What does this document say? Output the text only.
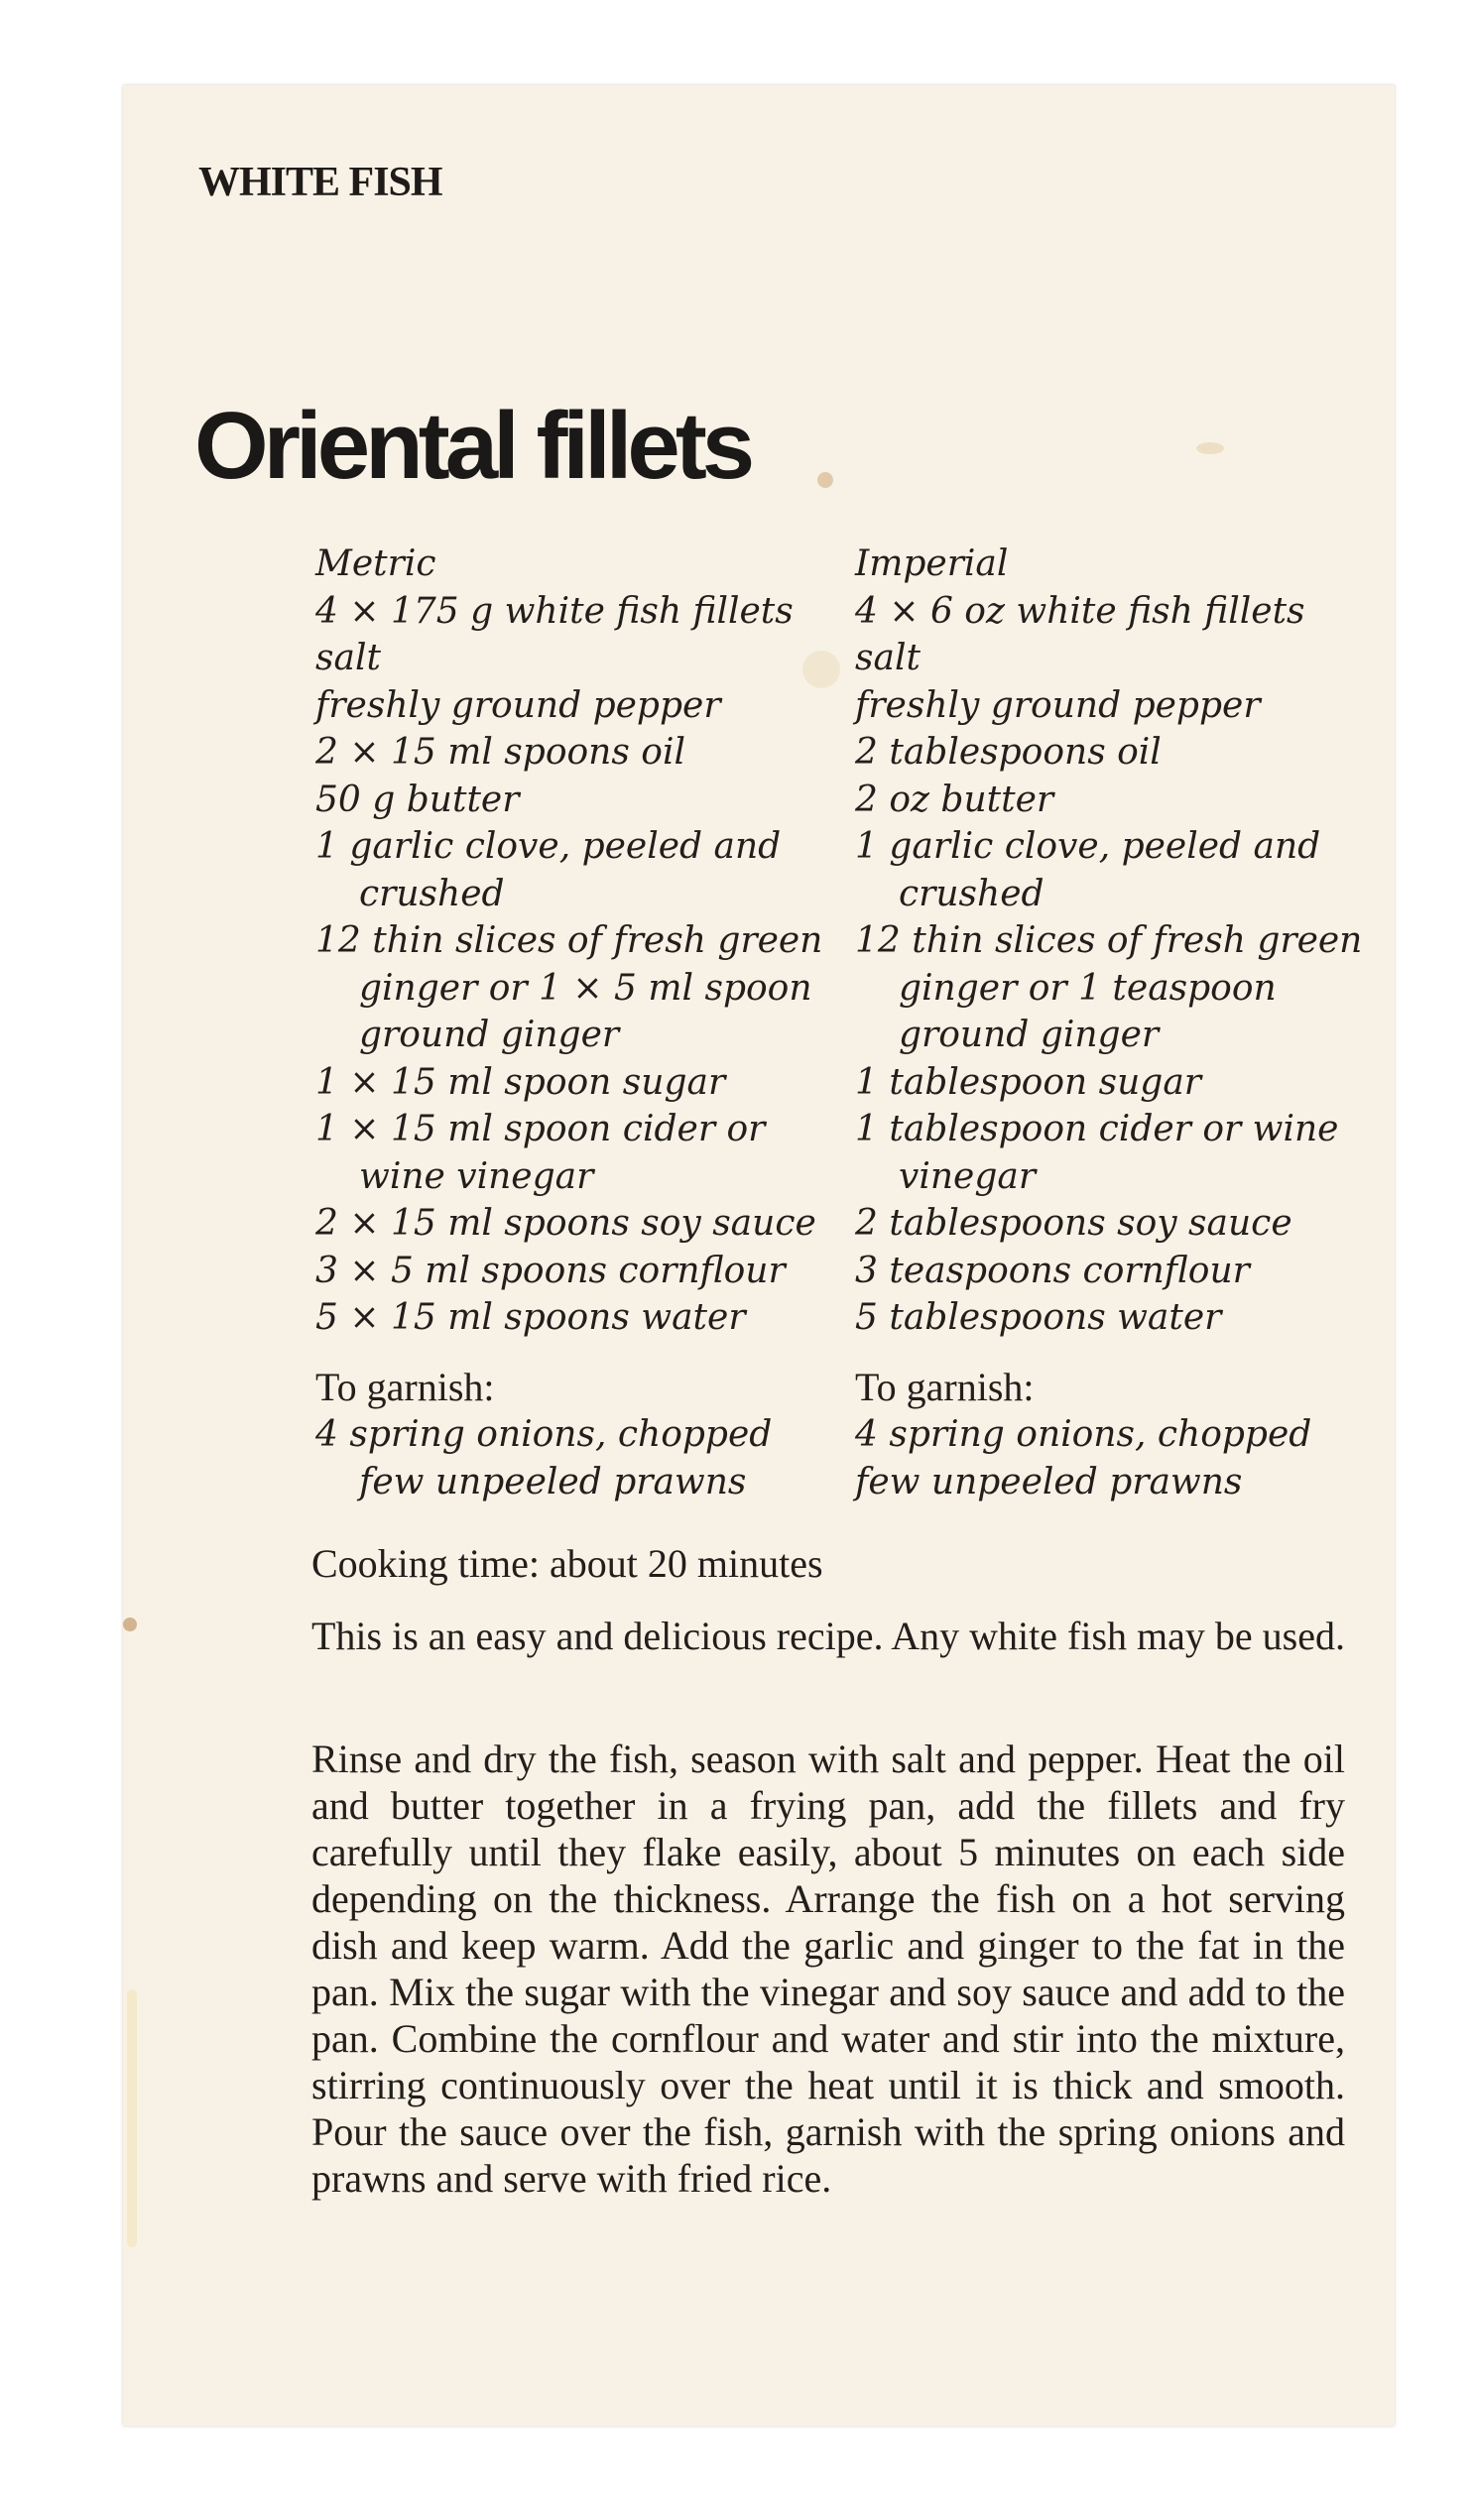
WHITE FISH
Oriental fillets

Metric

4 × 175 g white fish fillets

salt

freshly ground pepper

2 × 15 ml spoons oil

50 g butter

1 garlic clove, peeled and crushed

12 thin slices of fresh green ginger or 1 × 5 ml spoon ground ginger

1 × 15 ml spoon sugar

1 × 15 ml spoon cider or wine vinegar

2 × 15 ml spoons soy sauce

3 × 5 ml spoons cornflour

5 × 15 ml spoons water

To garnish:
4 spring onions, chopped
few unpeeled prawns

Imperial

4 × 6 oz white fish fillets

salt

freshly ground pepper

2 tablespoons oil

2 oz butter

1 garlic clove, peeled and crushed

12 thin slices of fresh green ginger or 1 teaspoon ground ginger

1 tablespoon sugar

1 tablespoon cider or wine vinegar

2 tablespoons soy sauce

3 teaspoons cornflour

5 tablespoons water

To garnish:
4 spring onions, chopped
few unpeeled prawns

Cooking time: about 20 minutes

This is an easy and delicious recipe. Any white fish may be used.

Rinse and dry the fish, season with salt and pepper. Heat the oil and butter together in a frying pan, add the fillets and fry carefully until they flake easily, about 5 minutes on each side depending on the thickness. Arrange the fish on a hot serving dish and keep warm. Add the garlic and ginger to the fat in the pan. Mix the sugar with the vinegar and soy sauce and add to the pan. Combine the cornflour and water and stir into the mixture, stirring continuously over the heat until it is thick and smooth. Pour the sauce over the fish, garnish with the spring onions and prawns and serve with fried rice.
